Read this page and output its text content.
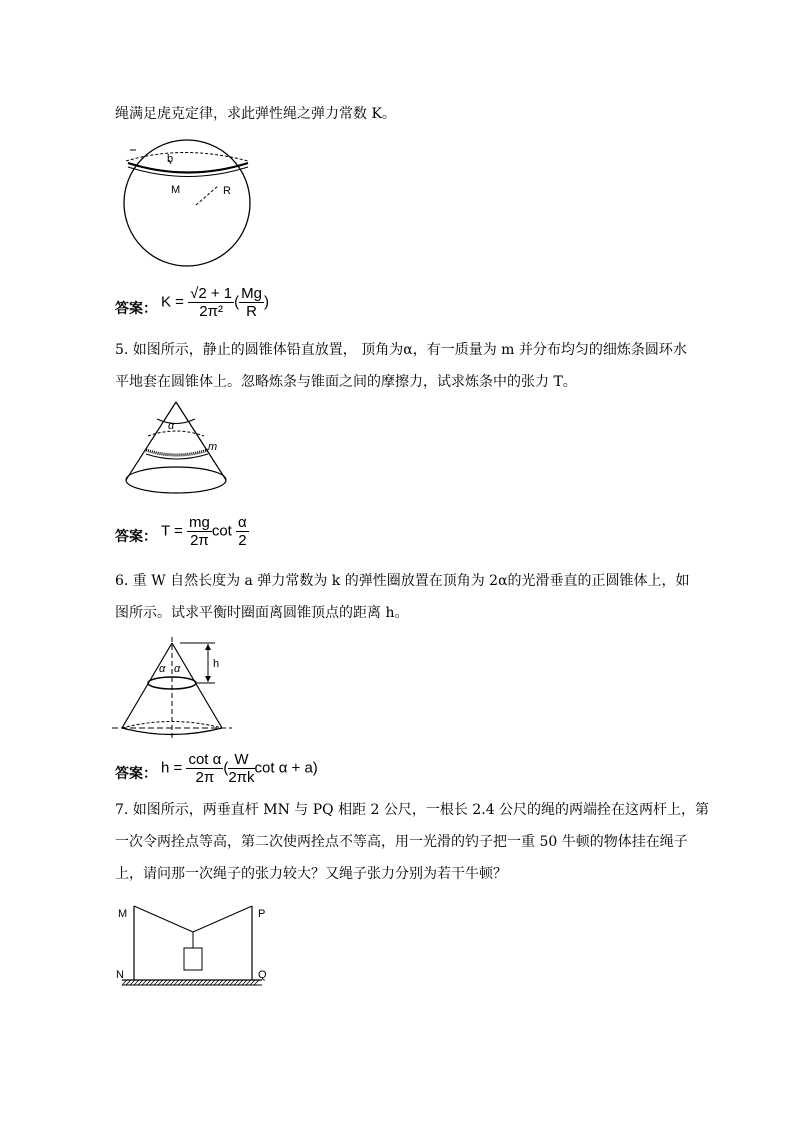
绳满足虎克定律，求此弹性绳之弹力常数 K。
b
M	R
答案： $K = \frac{√2 + 1}{\text{2π²}}$ ( $\frac{Mg}{R}$ )
5. 如图所示，静止的圆锥体铅直放置， 顶角为α，有一质量为 m 并分布均匀的细炼条圆环水
平地套在圆锥体上。忽略炼条与锥面之间的摩擦力，试求炼条中的张力 T。
α
m
答案： $T = \frac{mg}{2\pi}$ $\cot \frac{\alpha}{2}$
6. 重 W 自然长度为 a 弹力常数为 k 的弹性圈放置在顶角为 2α的光滑垂直的正圆锥体上，如
图所示。试求平衡时圈面离圆锥顶点的距离 h。
α α	h
答案： $h = \frac{\text{cot α}}{2\pi}$ ( $\frac{W}{2\pi k}$ cot α + a)
7. 如图所示，两垂直杆 MN 与 PQ 相距 2 公尺，一根长 2.4 公尺的绳的两端拴在这两杆上，第
一次令两拴点等高，第二次使两拴点不等高，用一光滑的钓子把一重 50 牛顿的物体挂在绳子
上，请问那一次绳子的张力较大？又绳子张力分别为若干牛顿？
M
N
P
Q
